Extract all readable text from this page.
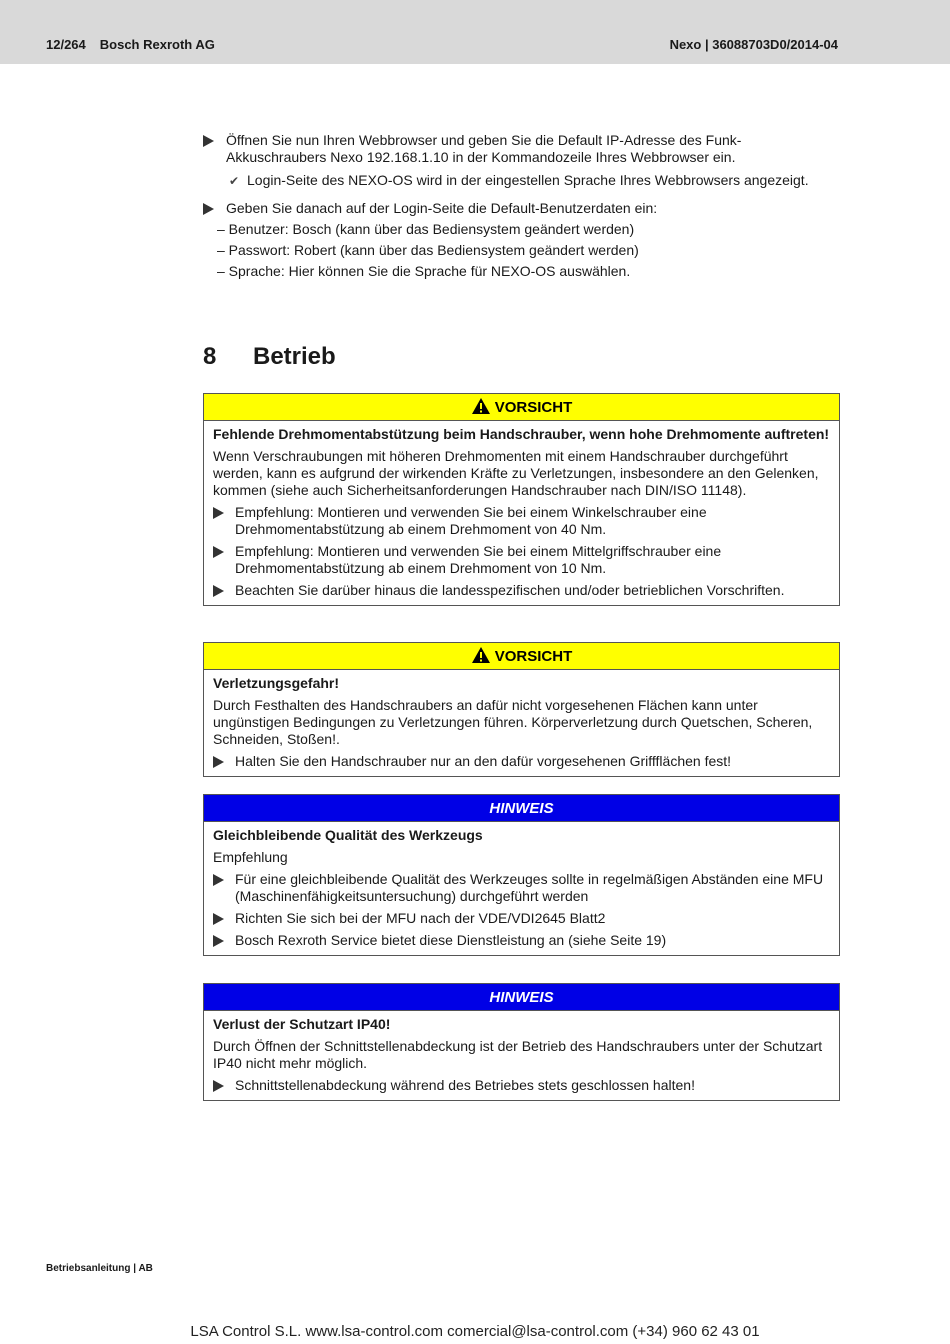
12/264 Bosch Rexroth AG	Nexo | 36088703D0/2014-04
Öffnen Sie nun Ihren Webbrowser und geben Sie die Default IP-Adresse des Funk-Akkuschraubers Nexo 192.168.1.10 in der Kommandozeile Ihres Webbrowser ein.
✔ Login-Seite des NEXO-OS wird in der eingestellen Sprache Ihres Webbrowsers angezeigt.
Geben Sie danach auf der Login-Seite die Default-Benutzerdaten ein:
– Benutzer: Bosch (kann über das Bediensystem geändert werden)
– Passwort: Robert (kann über das Bediensystem geändert werden)
– Sprache: Hier können Sie die Sprache für NEXO-OS auswählen.
8 Betrieb
VORSICHT
Fehlende Drehmomentabstützung beim Handschrauber, wenn hohe Drehmomente auftreten!
Wenn Verschraubungen mit höheren Drehmomenten mit einem Handschrauber durchgeführt werden, kann es aufgrund der wirkenden Kräfte zu Verletzungen, insbesondere an den Gelenken, kommen (siehe auch Sicherheitsanforderungen Handschrauber nach DIN/ISO 11148).
Empfehlung: Montieren und verwenden Sie bei einem Winkelschrauber eine Drehmomentabstützung ab einem Drehmoment von 40 Nm.
Empfehlung: Montieren und verwenden Sie bei einem Mittelgriffschrauber eine Drehmomentabstützung ab einem Drehmoment von 10 Nm.
Beachten Sie darüber hinaus die landesspezifischen und/oder betrieblichen Vorschriften.
VORSICHT
Verletzungsgefahr!
Durch Festhalten des Handschraubers an dafür nicht vorgesehenen Flächen kann unter ungünstigen Bedingungen zu Verletzungen führen. Körperverletzung durch Quetschen, Scheren, Schneiden, Stoßen!.
Halten Sie den Handschrauber nur an den dafür vorgesehenen Griffflächen fest!
HINWEIS
Gleichbleibende Qualität des Werkzeugs
Empfehlung
Für eine gleichbleibende Qualität des Werkzeuges sollte in regelmäßigen Abständen eine MFU (Maschinenfähigkeitsuntersuchung) durchgeführt werden
Richten Sie sich bei der MFU nach der VDE/VDI2645 Blatt2
Bosch Rexroth Service bietet diese Dienstleistung an (siehe Seite 19)
HINWEIS
Verlust der Schutzart IP40!
Durch Öffnen der Schnittstellenabdeckung ist der Betrieb des Handschraubers unter der Schutzart IP40 nicht mehr möglich.
Schnittstellenabdeckung während des Betriebes stets geschlossen halten!
Betriebsanleitung | AB
LSA Control S.L. www.lsa-control.com comercial@lsa-control.com (+34) 960 62 43 01
